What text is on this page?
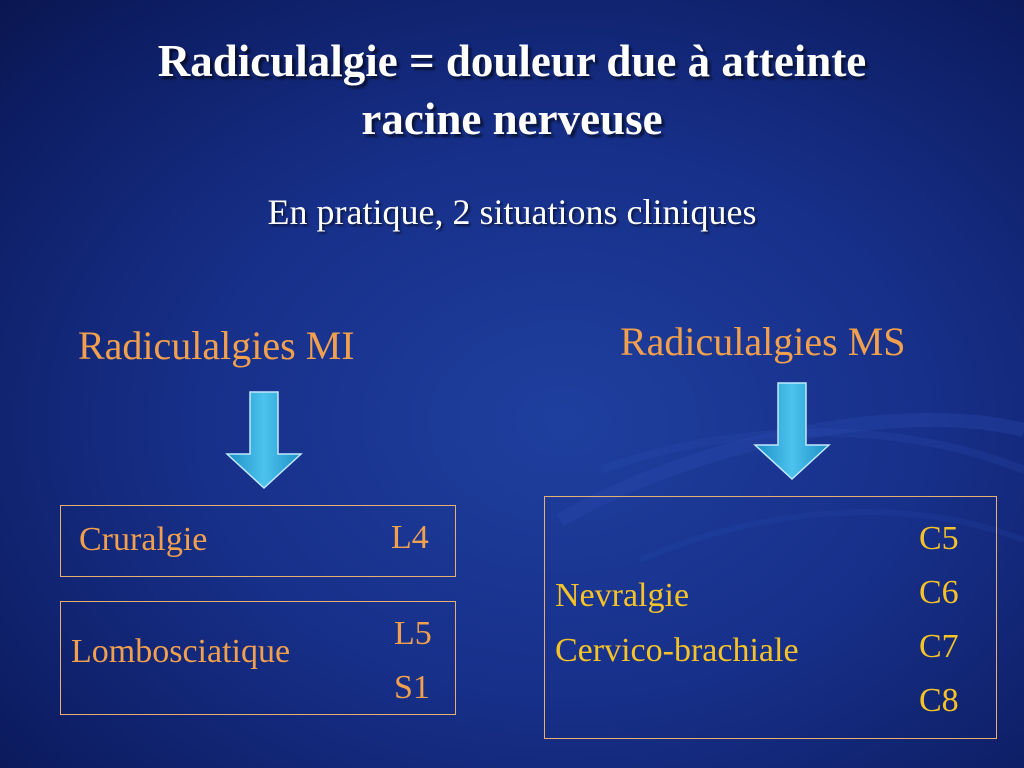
Radiculalgie = douleur due à atteinte
racine nerveuse
En pratique, 2 situations cliniques
Radiculalgies MI
Cruralgie	L4
Lombosciatique	L5
S1
Radiculalgies MS
Nevralgie
Cervico-brachiale
C5
C6
C7
C8
